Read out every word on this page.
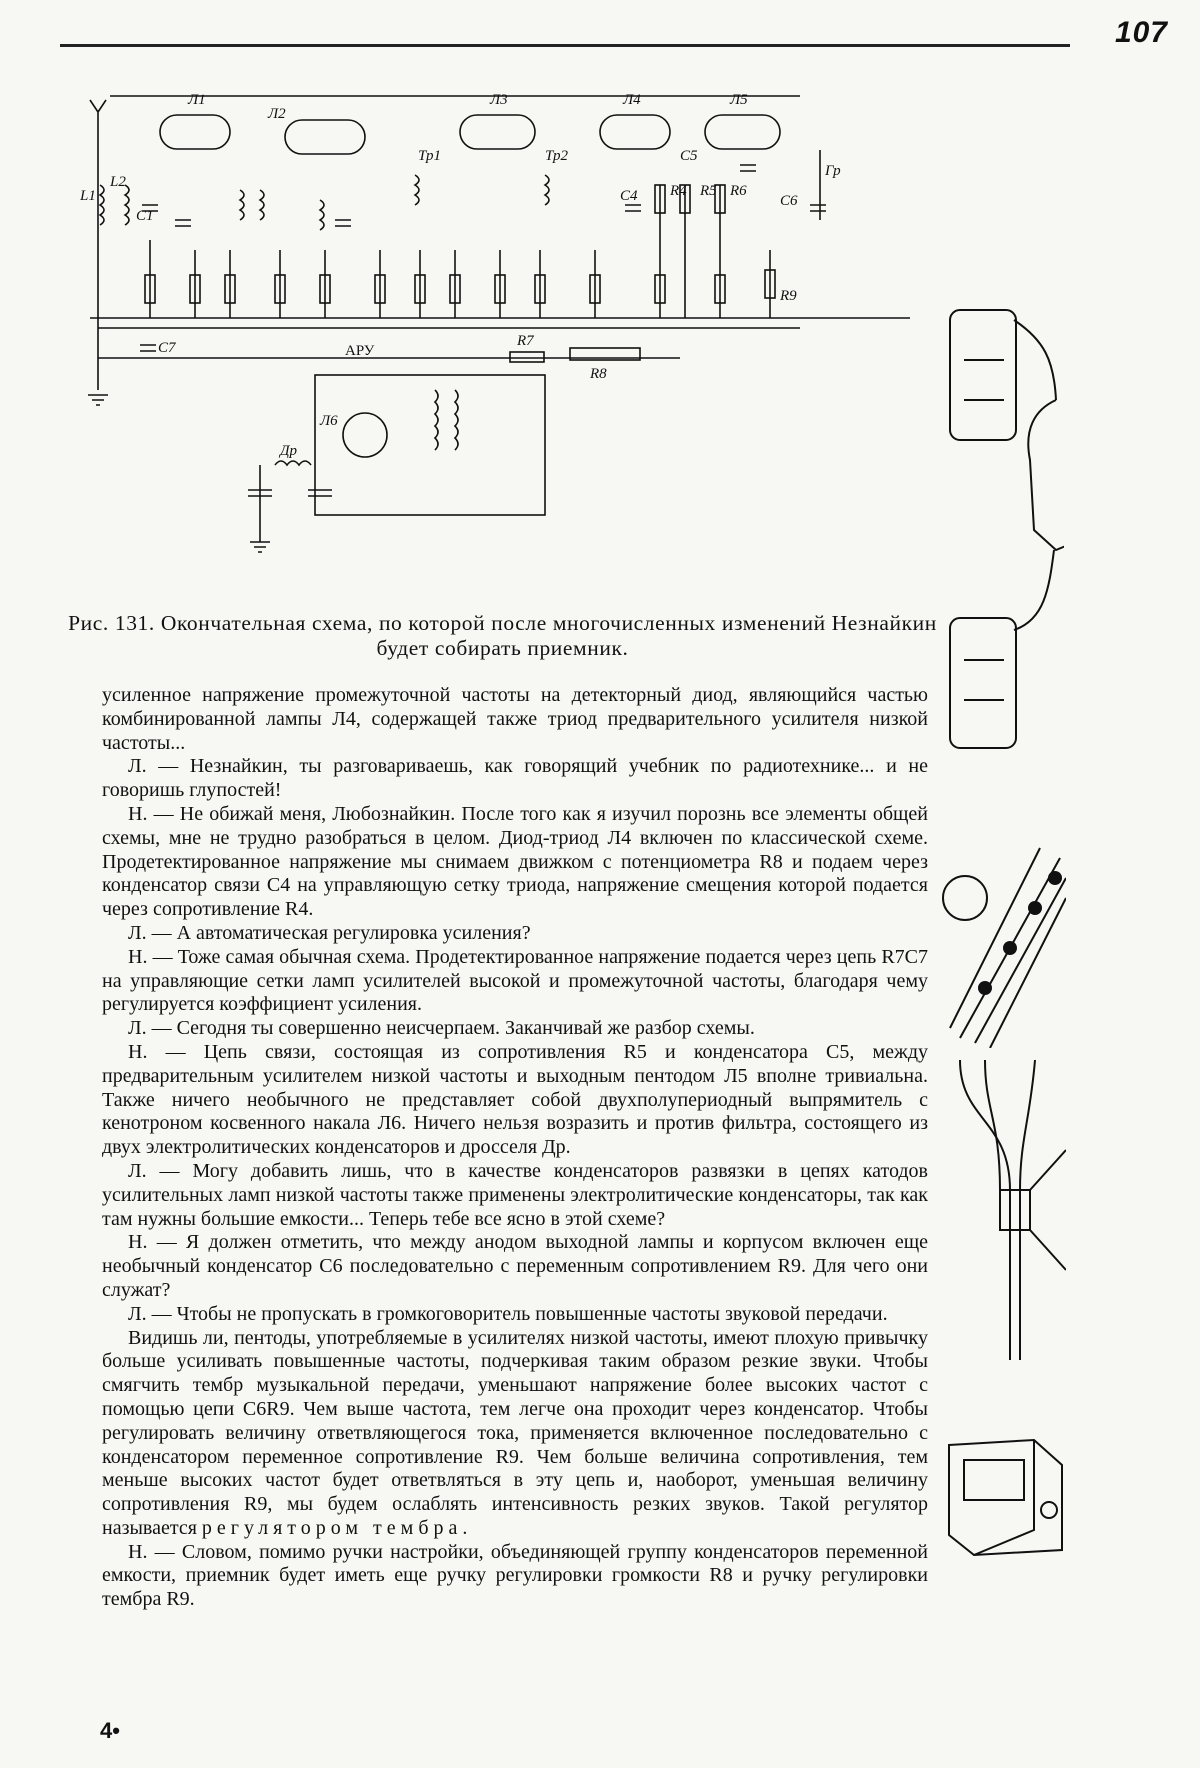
107
Л1
Л2
Л3	Л4	Л5
L1
L2
C1
Тр1	Тр2
C4 R4 R5 R6
C5
C6
Гр
R9
C7	АРУ
R7
R8
Л6
Др
Рис. 131. Окончательная схема, по которой после многочисленных изменений Незнайкин будет собирать приемник.

усиленное напряжение промежуточной частоты на детекторный диод, являющийся частью комбинированной лампы Л4, содержащей также триод предварительного усилителя низкой частоты...

Л. — Незнайкин, ты разговариваешь, как говорящий учебник по радиотехнике... и не говоришь глупостей!

Н. — Не обижай меня, Любознайкин. После того как я изучил порознь все элементы общей схемы, мне не трудно разобраться в целом. Диод-триод Л4 включен по классической схеме. Продетектированное напряжение мы снимаем движком с потенциометра R8 и подаем через конденсатор связи C4 на управляющую сетку триода, напряжение смещения которой подается через сопротивление R4.

Л. — А автоматическая регулировка усиления?

Н. — Тоже самая обычная схема. Продетектированное напряжение подается через цепь R7C7 на управляющие сетки ламп усилителей высокой и промежуточной частоты, благодаря чему регулируется коэффициент усиления.

Л. — Сегодня ты совершенно неисчерпаем. Заканчивай же разбор схемы.

Н. — Цепь связи, состоящая из сопротивления R5 и конденсатора C5, между предварительным усилителем низкой частоты и выходным пентодом Л5 вполне тривиальна. Также ничего необычного не представляет собой двухполупериодный выпрямитель с кенотроном косвенного накала Л6. Ничего нельзя возразить и против фильтра, состоящего из двух электролитических конденсаторов и дросселя Др.

Л. — Могу добавить лишь, что в качестве конденсаторов развязки в цепях катодов усилительных ламп низкой частоты также применены электролитические конденсаторы, так как там нужны большие емкости... Теперь тебе все ясно в этой схеме?

Н. — Я должен отметить, что между анодом выходной лампы и корпусом включен еще необычный конденсатор C6 последовательно с переменным сопротивлением R9. Для чего они служат?

Л. — Чтобы не пропускать в громкоговоритель повышенные частоты звуковой передачи.

Видишь ли, пентоды, употребляемые в усилителях низкой частоты, имеют плохую привычку больше усиливать повышенные частоты, подчеркивая таким образом резкие звуки. Чтобы смягчить тембр музыкальной передачи, уменьшают напряжение более высоких частот с помощью цепи C6R9. Чем выше частота, тем легче она проходит через конденсатор. Чтобы регулировать величину ответвляющегося тока, применяется включенное последовательно с конденсатором переменное сопротивление R9. Чем больше величина сопротивления, тем меньше высоких частот будет ответвляться в эту цепь и, наоборот, уменьшая величину сопротивления R9, мы будем ослаблять интенсивность резких звуков. Такой регулятор называется регулятором тембра.

Н. — Словом, помимо ручки настройки, объединяющей группу конденсаторов переменной емкости, приемник будет иметь еще ручку регулировки громкости R8 и ручку регулировки тембра R9.

4•
